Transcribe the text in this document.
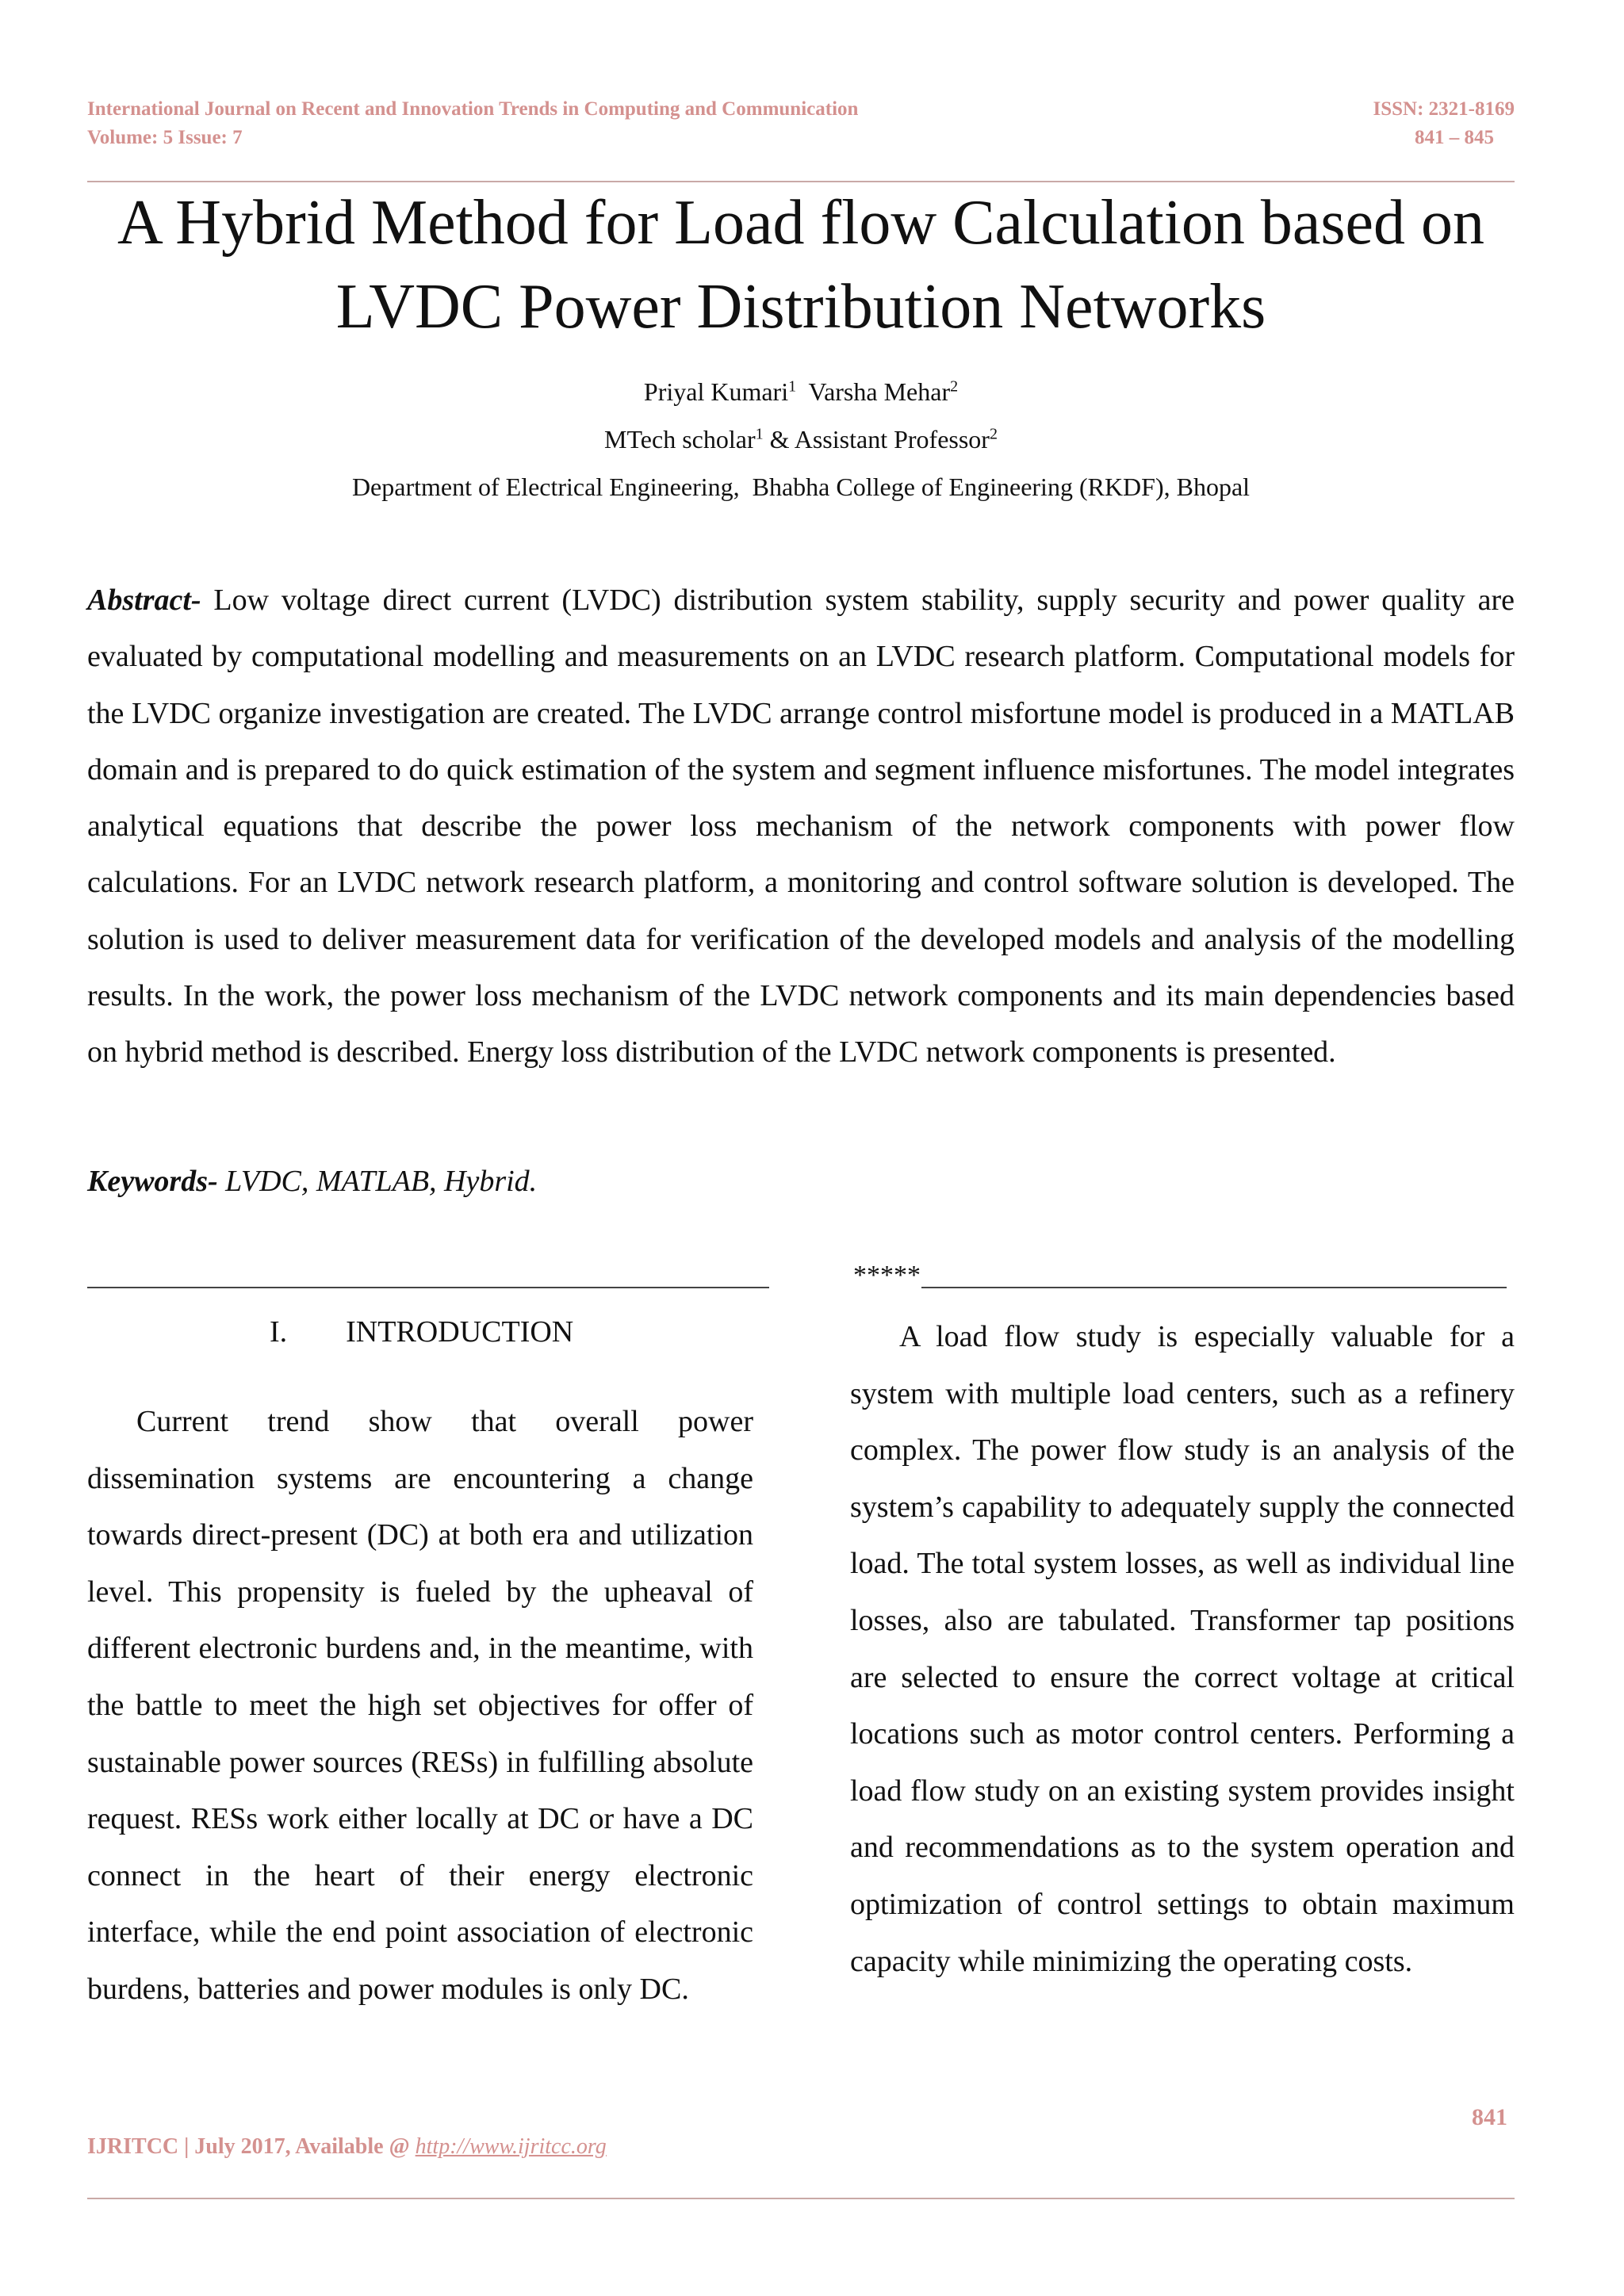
International Journal on Recent and Innovation Trends in Computing and Communication
Volume: 5 Issue: 7
ISSN: 2321-8169
841 – 845
A Hybrid Method for Load flow Calculation based on
LVDC Power Distribution Networks
Priyal Kumari$^1$ Varsha Mehar$^2$
MTech scholar$^1$ & Assistant Professor$^2$
Department of Electrical Engineering,  Bhabha College of Engineering (RKDF), Bhopal

Abstract- Low voltage direct current (LVDC) distribution system stability, supply security and power quality are evaluated by computational modelling and measurements on an LVDC research platform. Computational models for the LVDC organize investigation are created. The LVDC arrange control misfortune model is produced in a MATLAB domain and is prepared to do quick estimation of the system and segment influence misfortunes. The model integrates analytical equations that describe the power loss mechanism of the network components with power flow calculations. For an LVDC network research platform, a monitoring and control software solution is developed. The solution is used to deliver measurement data for verification of the developed models and analysis of the modelling results. In the work, the power loss mechanism of the LVDC network components and its main dependencies based on hybrid method is described. Energy loss distribution of the LVDC network components is presented.

Keywords- LVDC, MATLAB, Hybrid.

*****
I. INTRODUCTION

Current trend show that overall power dissemination systems are encountering a change towards direct-present (DC) at both era and utilization level. This propensity is fueled by the upheaval of different electronic burdens and, in the meantime, with the battle to meet the high set objectives for offer of sustainable power sources (RESs) in fulfilling absolute request. RESs work either locally at DC or have a DC connect in the heart of their energy electronic interface, while the end point association of electronic burdens, batteries and power modules is only DC.

A load flow study is especially valuable for a system with multiple load centers, such as a refinery complex. The power flow study is an analysis of the system’s capability to adequately supply the connected load. The total system losses, as well as individual line losses, also are tabulated. Transformer tap positions are selected to ensure the correct voltage at critical locations such as motor control centers. Performing a load flow study on an existing system provides insight and recommendations as to the system operation and optimization of control settings to obtain maximum capacity while minimizing the operating costs.

841
IJRITCC | July 2017, Available @ http://www.ijritcc.org
